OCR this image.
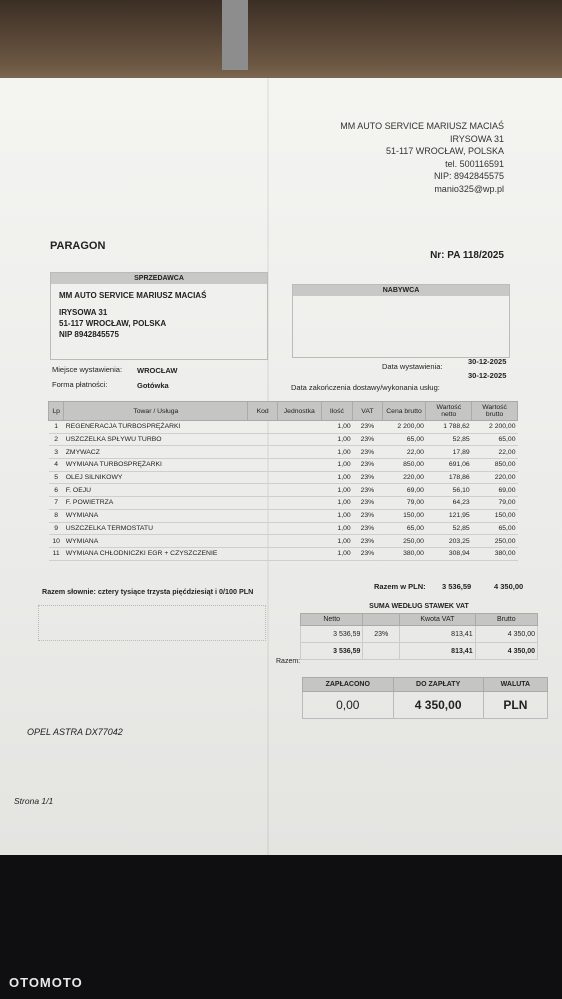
MM AUTO SERVICE MARIUSZ MACIAŚ
IRYSOWA 31
51-117 WROCŁAW, POLSKA
tel. 500116591
NIP: 8942845575
manio325@wp.pl
PARAGON
Nr: PA 118/2025
SPRZEDAWCA
MM AUTO SERVICE MARIUSZ MACIAŚ
IRYSOWA 31
51-117 WROCŁAW, POLSKA
NIP 8942845575
NABYWCA
Miejsce wystawienia: WROCŁAW
Forma płatności:	Gotówka
Data wystawienia:
30-12-2025
Data zakończenia dostawy/wykonania usług:
30-12-2025
Lp	Towar / Usługa	Kod	Jednostka	Ilość	VAT	Cena brutto	Wartość netto	Wartość brutto
1	REGENERACJA TURBOSPRĘŻARKI			1,00	23%	2 200,00	1 788,62	2 200,00
2	USZCZELKA SPŁYWU TURBO			1,00	23%	65,00	52,85	65,00
3	ZMYWACZ			1,00	23%	22,00	17,89	22,00
4	WYMIANA TURBOSPRĘŻARKI			1,00	23%	850,00	691,06	850,00
5	OLEJ SILNIKOWY			1,00	23%	220,00	178,86	220,00
6	F. OEJU			1,00	23%	69,00	56,10	69,00
7	F. POWIETRZA			1,00	23%	79,00	64,23	79,00
8	WYMIANA			1,00	23%	150,00	121,95	150,00
9	USZCZELKA TERMOSTATU			1,00	23%	65,00	52,85	65,00
10	WYMIANA			1,00	23%	250,00	203,25	250,00
11	WYMIANA CHŁODNICZKI EGR + CZYSZCZENIE			1,00	23%	380,00	308,94	380,00
Razem w PLN: 3 536,59	4 350,00
Razem słownie: cztery tysiące trzysta pięćdziesiąt i 0/100 PLN
SUMA WEDŁUG STAWEK VAT
Netto		Kwota VAT	Brutto
3 536,59	23%	813,41	4 350,00
3 536,59		813,41	4 350,00
Razem:
ZAPŁACONO	DO ZAPŁATY	WALUTA
0,00	4 350,00	PLN
OPEL ASTRA DX77042
Strona 1/1
OTOMOTO
